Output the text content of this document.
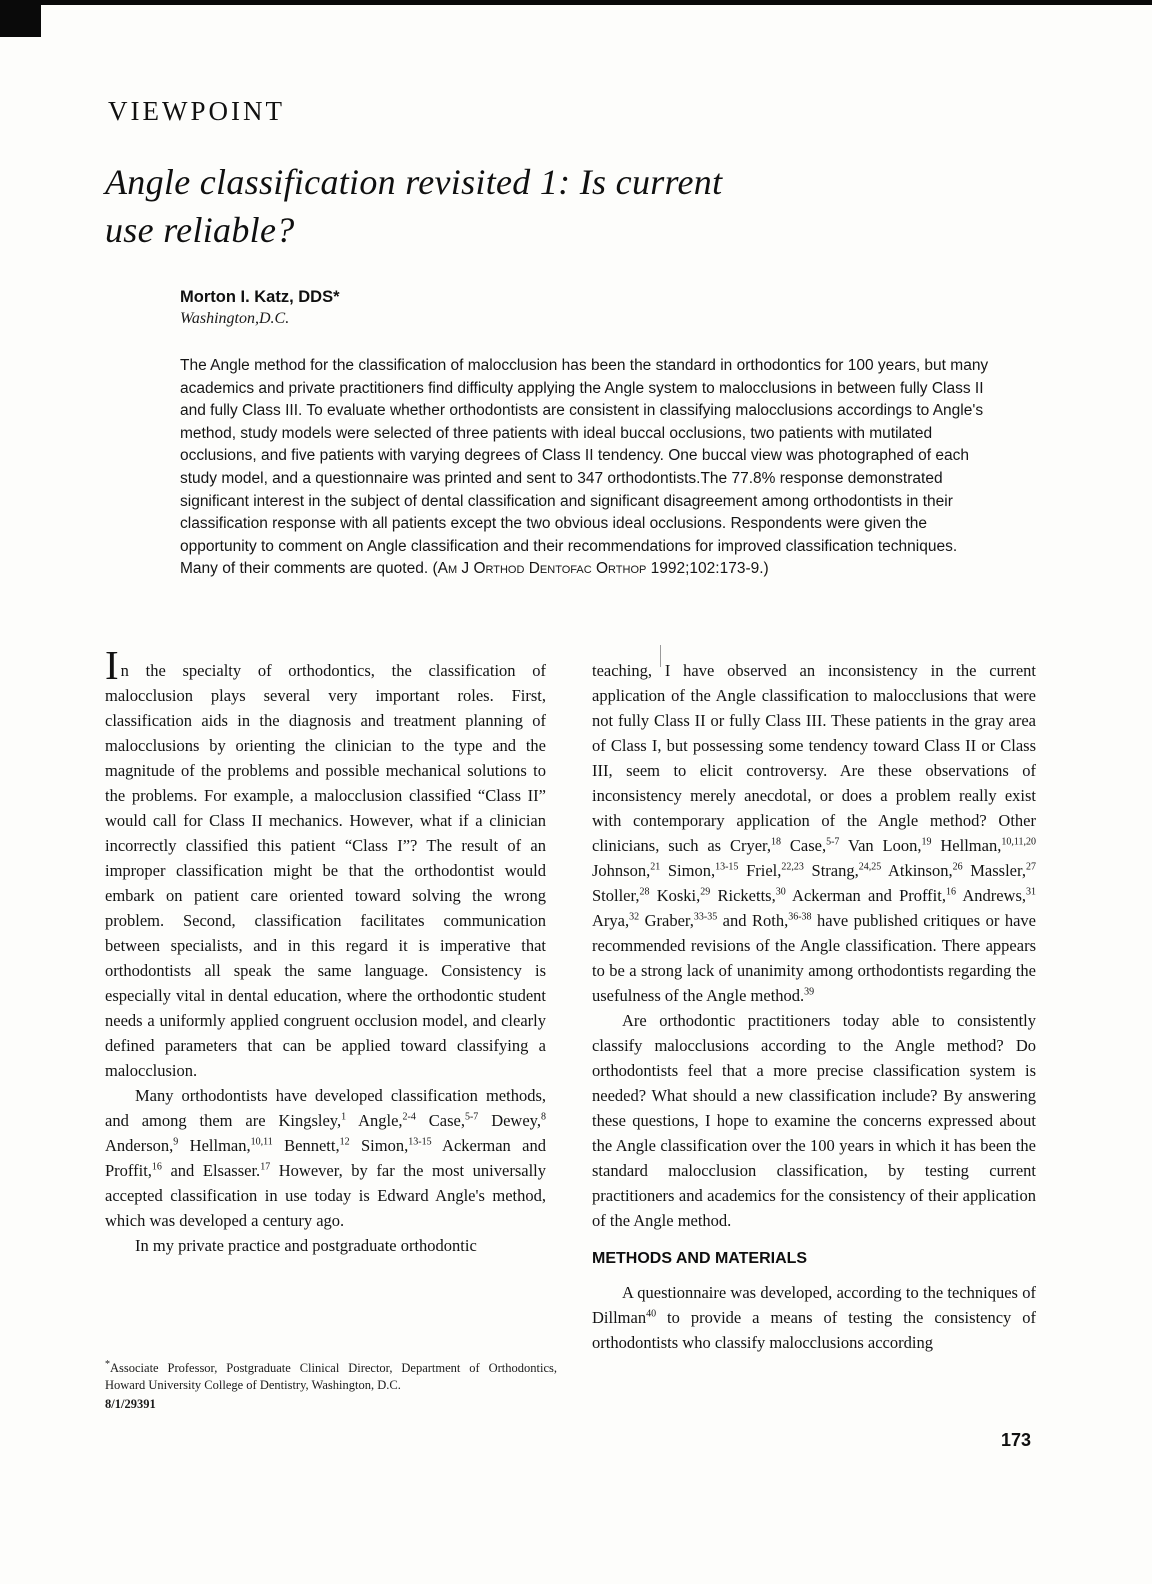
VIEWPOINT
Angle classification revisited 1: Is current
use reliable?
Morton I. Katz, DDS*
Washington,D.C.
The Angle method for the classification of malocclusion has been the standard in orthodontics for 100 years, but many academics and private practitioners find difficulty applying the Angle system to malocclusions in between fully Class II and fully Class III. To evaluate whether orthodontists are consistent in classifying malocclusions accordings to Angle's method, study models were selected of three patients with ideal buccal occlusions, two patients with mutilated occlusions, and five patients with varying degrees of Class II tendency. One buccal view was photographed of each study model, and a questionnaire was printed and sent to 347 orthodontists.The 77.8% response demonstrated significant interest in the subject of dental classification and significant disagreement among orthodontists in their classification response with all patients except the two obvious ideal occlusions. Respondents were given the opportunity to comment on Angle classification and their recommendations for improved classification techniques. Many of their comments are quoted. (Am J Orthod Dentofac Orthop 1992;102:173-9.)

In the specialty of orthodontics, the classification of malocclusion plays several very important roles. First, classification aids in the diagnosis and treatment planning of malocclusions by orienting the clinician to the type and the magnitude of the problems and possible mechanical solutions to the problems. For example, a malocclusion classified “Class II” would call for Class II mechanics. However, what if a clinician incorrectly classified this patient “Class I”? The result of an improper classification might be that the orthodontist would embark on patient care oriented toward solving the wrong problem. Second, classification facilitates communication between specialists, and in this regard it is imperative that orthodontists all speak the same language. Consistency is especially vital in dental education, where the orthodontic student needs a uniformly applied congruent occlusion model, and clearly defined parameters that can be applied toward classifying a malocclusion.

Many orthodontists have developed classification methods, and among them are Kingsley,$^1$ Angle,$^{2-4}$ Case,$^{5-7}$ Dewey,$^8$ Anderson,$^9$ Hellman,$^{10,11}$ Bennett,$^{12}$ Simon,$^{13-15}$ Ackerman and Proffit,$^{16}$ and Elsasser.$^{17}$ However, by far the most universally accepted classification in use today is Edward Angle's method, which was developed a century ago.

In my private practice and postgraduate orthodontic

teaching, I have observed an inconsistency in the current application of the Angle classification to malocclusions that were not fully Class II or fully Class III. These patients in the gray area of Class I, but possessing some tendency toward Class II or Class III, seem to elicit controversy. Are these observations of inconsistency merely anecdotal, or does a problem really exist with contemporary application of the Angle method? Other clinicians, such as Cryer,$^{18}$ Case,$^{5-7}$ Van Loon,$^{19}$ Hellman,$^{10,11,20}$ Johnson,$^{21}$ Simon,$^{13-15}$ Friel,$^{22,23}$ Strang,$^{24,25}$ Atkinson,$^{26}$ Massler,$^{27}$ Stoller,$^{28}$ Koski,$^{29}$ Ricketts,$^{30}$ Ackerman and Proffit,$^{16}$ Andrews,$^{31}$ Arya,$^{32}$ Graber,$^{33-35}$ and Roth,$^{36-38}$ have published critiques or have recommended revisions of the Angle classification. There appears to be a strong lack of unanimity among orthodontists regarding the usefulness of the Angle method.$^{39}$

Are orthodontic practitioners today able to consistently classify malocclusions according to the Angle method? Do orthodontists feel that a more precise classification system is needed? What should a new classification include? By answering these questions, I hope to examine the concerns expressed about the Angle classification over the 100 years in which it has been the standard malocclusion classification, by testing current practitioners and academics for the consistency of their application of the Angle method.

METHODS AND MATERIALS

A questionnaire was developed, according to the techniques of Dillman$^{40}$ to provide a means of testing the consistency of orthodontists who classify malocclusions according

*Associate Professor, Postgraduate Clinical Director, Department of Orthodontics, Howard University College of Dentistry, Washington, D.C.
8/1/29391
173
